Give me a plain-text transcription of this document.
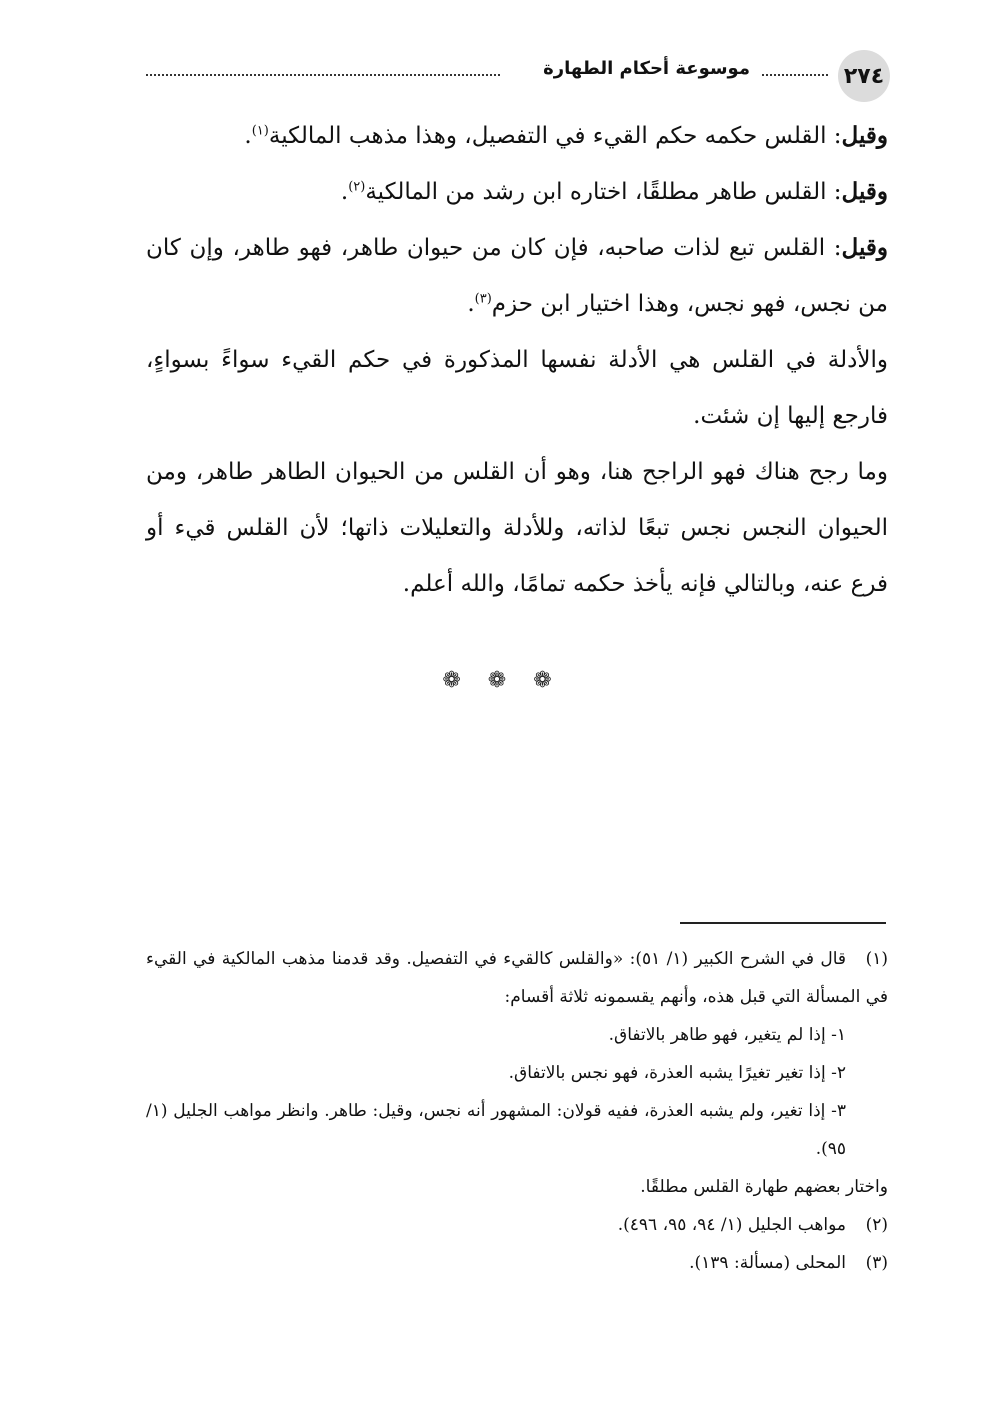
٢٧٤
موسوعة أحكام الطهارة

وقيل: القلس حكمه حكم القيء في التفصيل، وهذا مذهب المالكية$^{(١)}$.

وقيل: القلس طاهر مطلقًا، اختاره ابن رشد من المالكية$^{(٢)}$.

وقيل: القلس تبع لذات صاحبه، فإن كان من حيوان طاهر، فهو طاهر، وإن كان من نجس، فهو نجس، وهذا اختيار ابن حزم$^{(٣)}$.

والأدلة في القلس هي الأدلة نفسها المذكورة في حكم القيء سواءً بسواءٍ، فارجع إليها إن شئت.

وما رجح هناك فهو الراجح هنا، وهو أن القلس من الحيوان الطاهر طاهر، ومن الحيوان النجس نجس تبعًا لذاته، وللأدلة والتعليلات ذاتها؛ لأن القلس قيء أو فرع عنه، وبالتالي فإنه يأخذ حكمه تمامًا، والله أعلم.

❁ ❁ ❁

(١)قال في الشرح الكبير (١/ ٥١): «والقلس كالقيء في التفصيل. وقد قدمنا مذهب المالكية في القيء في المسألة التي قبل هذه، وأنهم يقسمونه ثلاثة أقسام:

١- إذا لم يتغير، فهو طاهر بالاتفاق.

٢- إذا تغير تغيرًا يشبه العذرة، فهو نجس بالاتفاق.

٣- إذا تغير، ولم يشبه العذرة، ففيه قولان: المشهور أنه نجس، وقيل: طاهر. وانظر مواهب الجليل (١/ ٩٥).

واختار بعضهم طهارة القلس مطلقًا.

(٢)مواهب الجليل (١/ ٩٤، ٩٥، ٤٩٦).

(٣)المحلى (مسألة: ١٣٩).
